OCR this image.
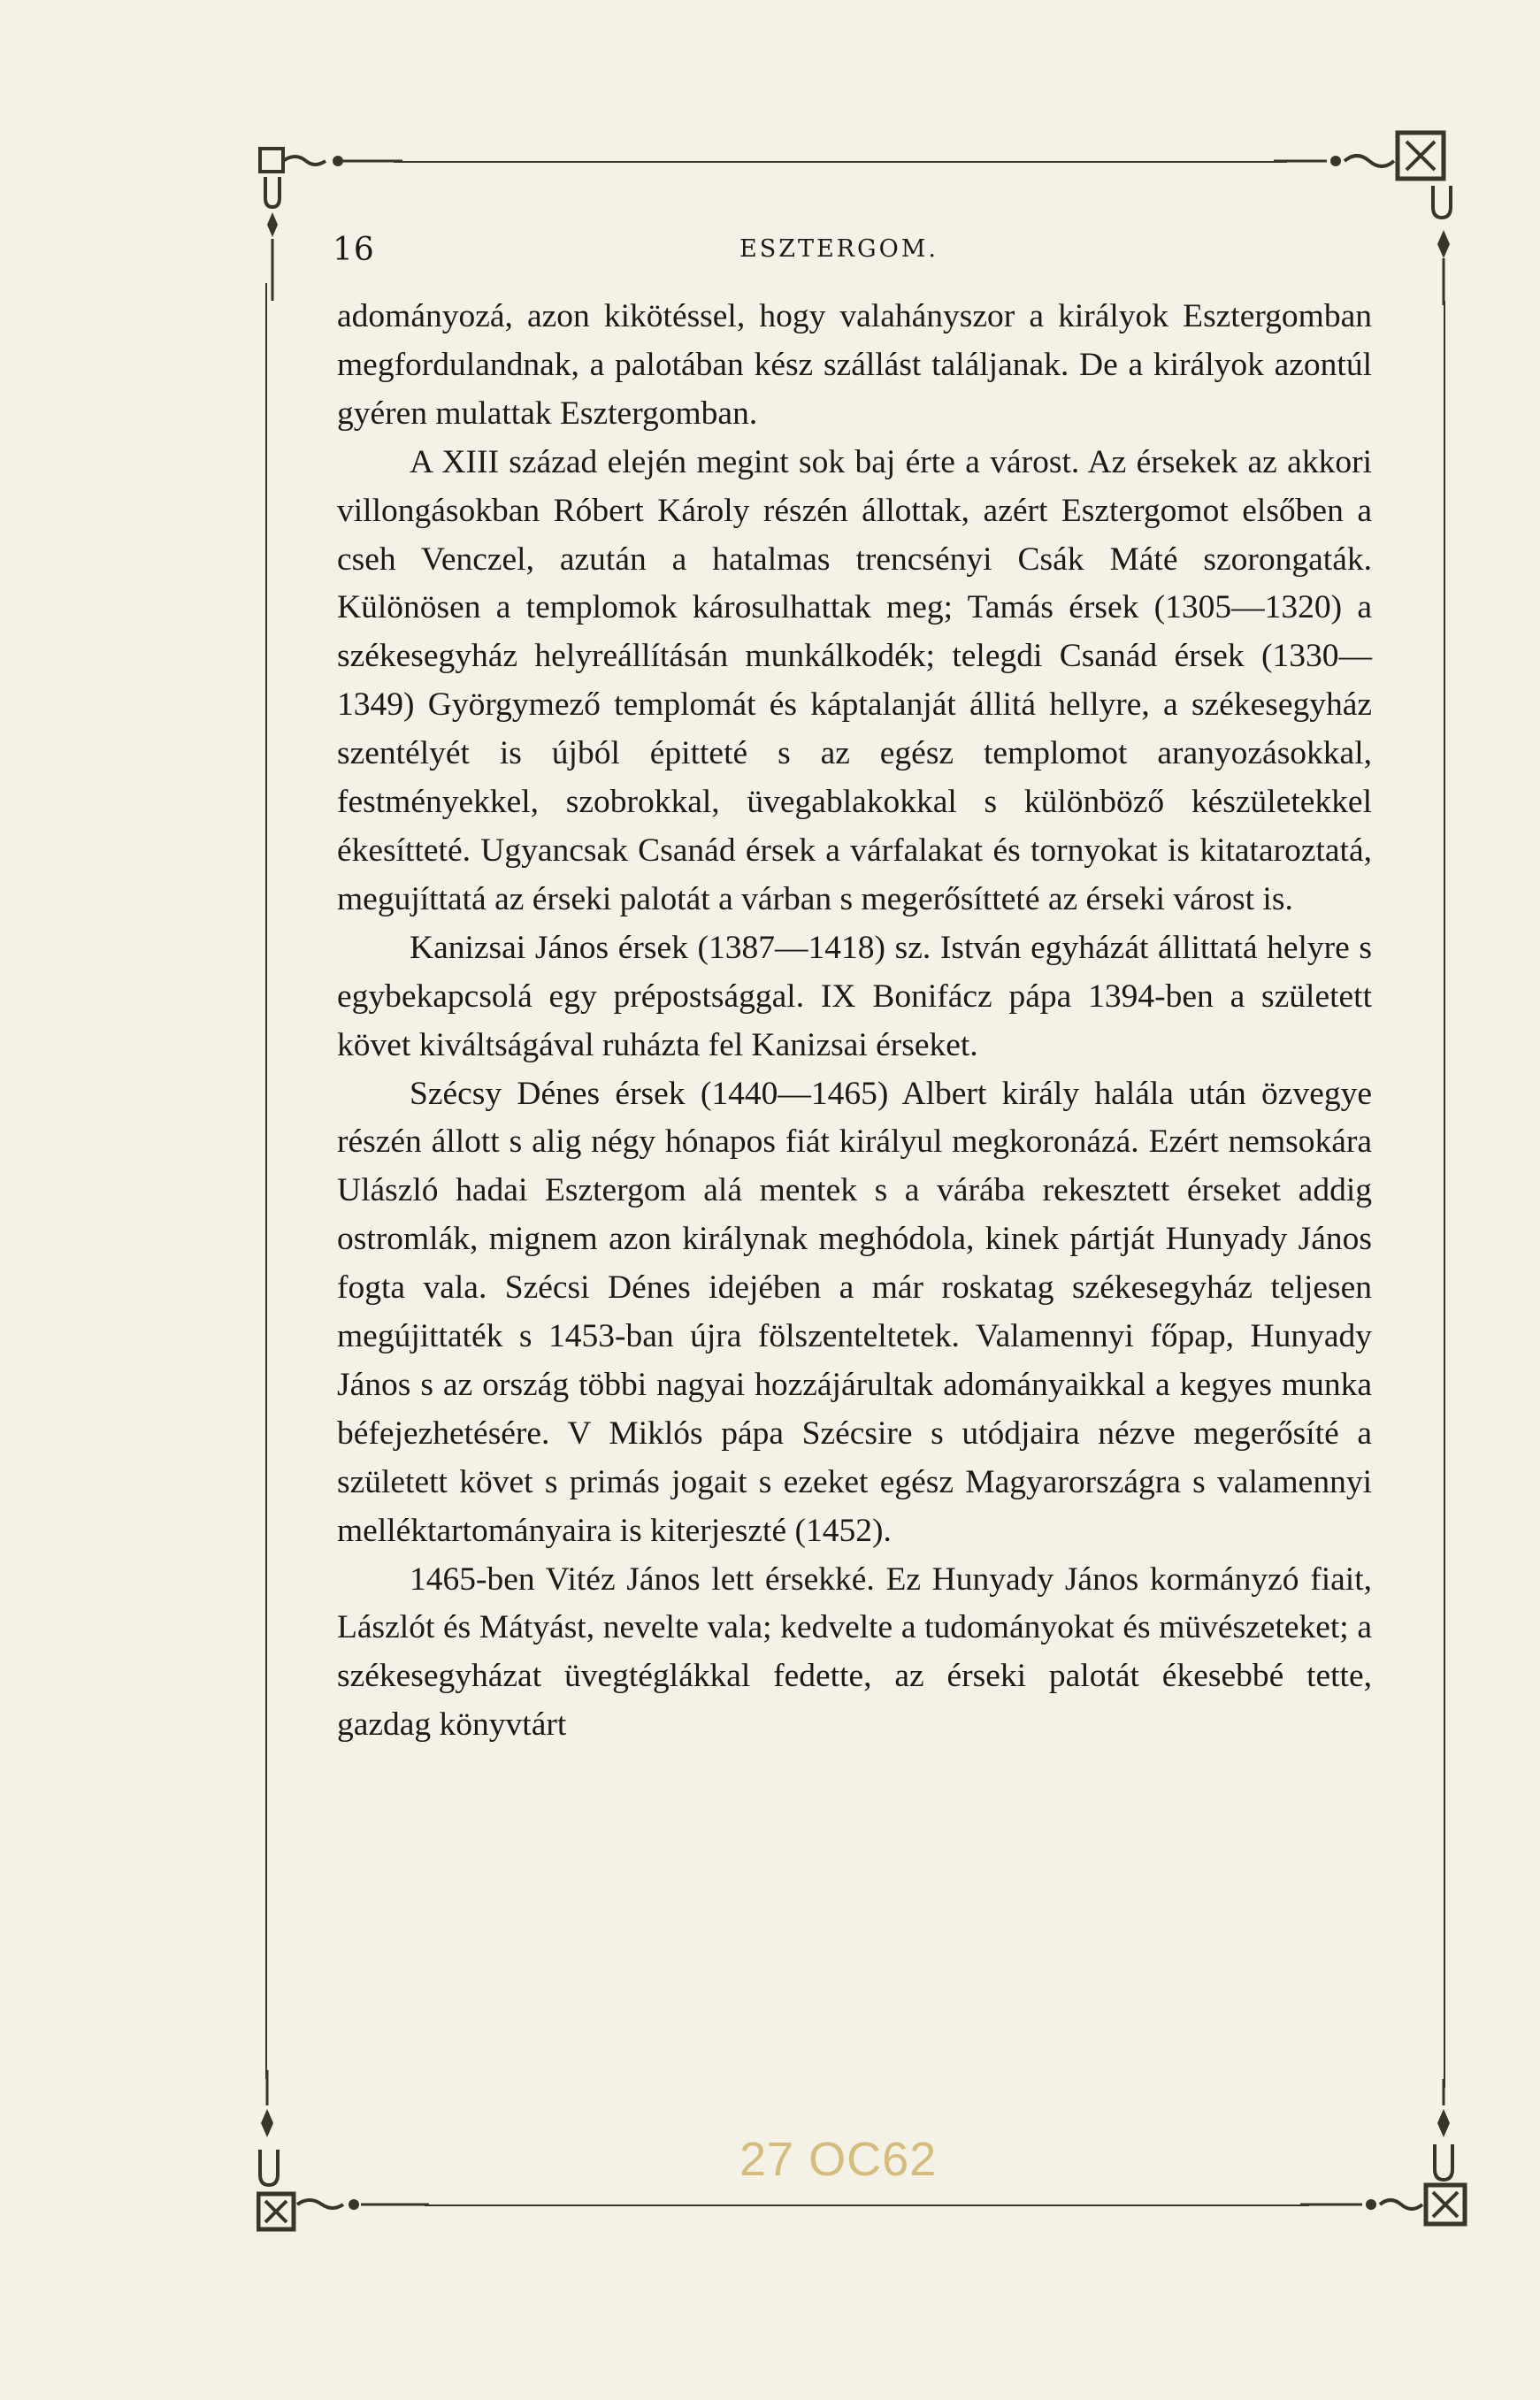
16	ESZTERGOM.

adományozá, azon kikötéssel, hogy valahányszor a királyok Esztergomban megfordulandnak, a palotában kész szállást találjanak. De a királyok azontúl gyéren mulattak Esztergomban.

A XIII század elején megint sok baj érte a várost. Az érsekek az akkori villongásokban Róbert Károly részén állottak, azért Esztergomot elsőben a cseh Venczel, azután a hatalmas trencsényi Csák Máté szorongaták. Különösen a templomok károsulhattak meg; Tamás érsek (1305—1320) a székesegyház helyreállításán munkálkodék; telegdi Csanád érsek (1330—1349) Györgymező templomát és káptalanját állitá hellyre, a székesegyház szentélyét is újból épitteté s az egész templomot aranyozásokkal, festményekkel, szobrokkal, üvegablakokkal s különböző készületekkel ékesítteté. Ugyancsak Csanád érsek a várfalakat és tornyokat is kitataroztatá, megujíttatá az érseki palotát a várban s megerősítteté az érseki várost is.

Kanizsai János érsek (1387—1418) sz. István egyházát állittatá helyre s egybekapcsolá egy prépostsággal. IX Bonifácz pápa 1394-ben a született követ kiváltságával ruházta fel Kanizsai érseket.

Szécsy Dénes érsek (1440—1465) Albert király halála után özvegye részén állott s alig négy hónapos fiát királyul megkoronázá. Ezért nemsokára Ulászló hadai Esztergom alá mentek s a várába rekesztett érseket addig ostromlák, mignem azon királynak meghódola, kinek pártját Hunyady János fogta vala. Szécsi Dénes idejében a már roskatag székesegyház teljesen megújittaték s 1453-ban újra fölszenteltetek. Valamennyi főpap, Hunyady János s az ország többi nagyai hozzájárultak adományaikkal a kegyes munka béfejezhetésére. V Miklós pápa Szécsire s utódjaira nézve megerősíté a született követ s primás jogait s ezeket egész Magyarországra s valamennyi melléktartományaira is kiterjeszté (1452).

1465-ben Vitéz János lett érsekké. Ez Hunyady János kormányzó fiait, Lászlót és Mátyást, nevelte vala; kedvelte a tudományokat és müvészeteket; a székesegyházat üvegtéglákkal fedette, az érseki palotát ékesebbé tette, gazdag könyvtárt

27 OC62
